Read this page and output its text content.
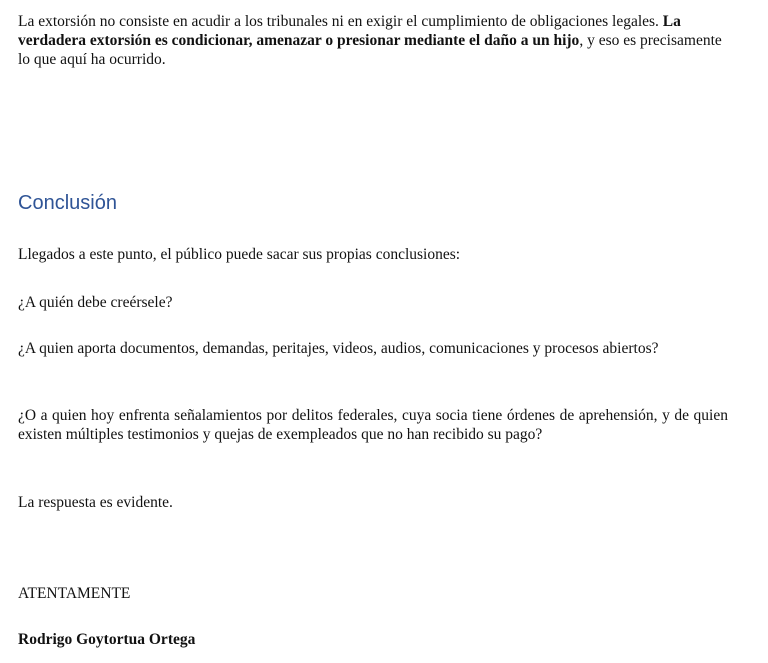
La extorsión no consiste en acudir a los tribunales ni en exigir el cumplimiento de obligaciones legales. La verdadera extorsión es condicionar, amenazar o presionar mediante el daño a un hijo, y eso es precisamente lo que aquí ha ocurrido.

Conclusión

Llegados a este punto, el público puede sacar sus propias conclusiones:

¿A quién debe creérsele?

¿A quien aporta documentos, demandas, peritajes, videos, audios, comunicaciones y procesos abiertos?

¿O a quien hoy enfrenta señalamientos por delitos federales, cuya socia tiene órdenes de aprehensión, y de quien existen múltiples testimonios y quejas de exempleados que no han recibido su pago?

La respuesta es evidente.

ATENTAMENTE

Rodrigo Goytortua Ortega
